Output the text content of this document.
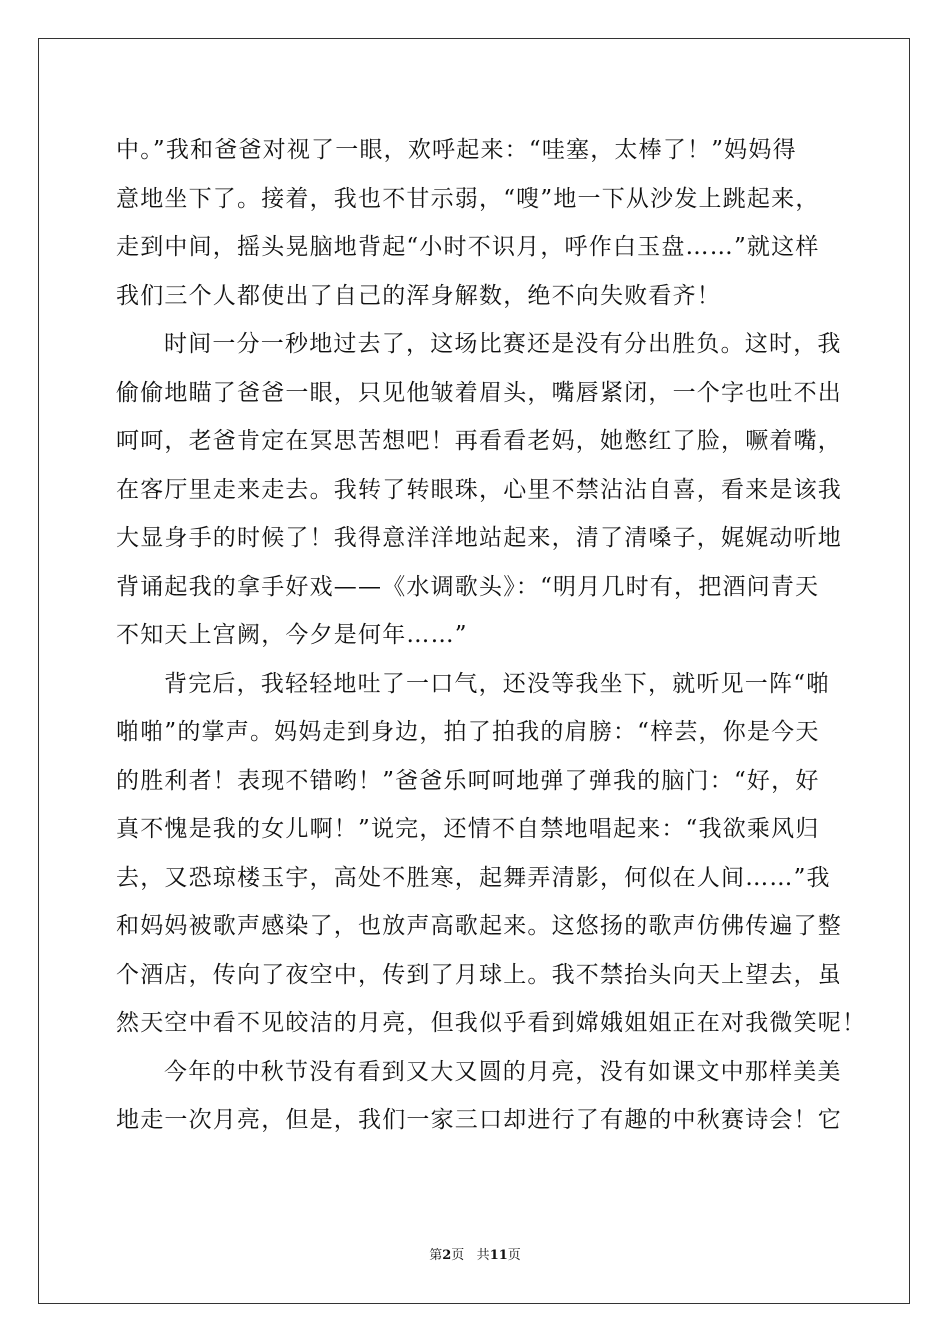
中。”我和爸爸对视了一眼，欢呼起来：“哇塞，太棒了！”妈妈得
意地坐下了。接着，我也不甘示弱，“嗖”地一下从沙发上跳起来，
走到中间，摇头晃脑地背起“小时不识月，呼作白玉盘……”就这样
我们三个人都使出了自己的浑身解数，绝不向失败看齐！
时间一分一秒地过去了，这场比赛还是没有分出胜负。这时，我
偷偷地瞄了爸爸一眼，只见他皱着眉头，嘴唇紧闭，一个字也吐不出
呵呵，老爸肯定在冥思苦想吧！再看看老妈，她憋红了脸，噘着嘴，
在客厅里走来走去。我转了转眼珠，心里不禁沾沾自喜，看来是该我
大显身手的时候了！我得意洋洋地站起来，清了清嗓子，娓娓动听地
背诵起我的拿手好戏——《水调歌头》：“明月几时有，把酒问青天
不知天上宫阙，今夕是何年……”
背完后，我轻轻地吐了一口气，还没等我坐下，就听见一阵“啪
啪啪”的掌声。妈妈走到身边，拍了拍我的肩膀：“梓芸，你是今天
的胜利者！表现不错哟！”爸爸乐呵呵地弹了弹我的脑门：“好，好
真不愧是我的女儿啊！”说完，还情不自禁地唱起来：“我欲乘风归
去，又恐琼楼玉宇，高处不胜寒，起舞弄清影，何似在人间……”我
和妈妈被歌声感染了，也放声高歌起来。这悠扬的歌声仿佛传遍了整
个酒店，传向了夜空中，传到了月球上。我不禁抬头向天上望去，虽
然天空中看不见皎洁的月亮，但我似乎看到嫦娥姐姐正在对我微笑呢！
今年的中秋节没有看到又大又圆的月亮，没有如课文中那样美美
地走一次月亮，但是，我们一家三口却进行了有趣的中秋赛诗会！它
第2页 共11页
